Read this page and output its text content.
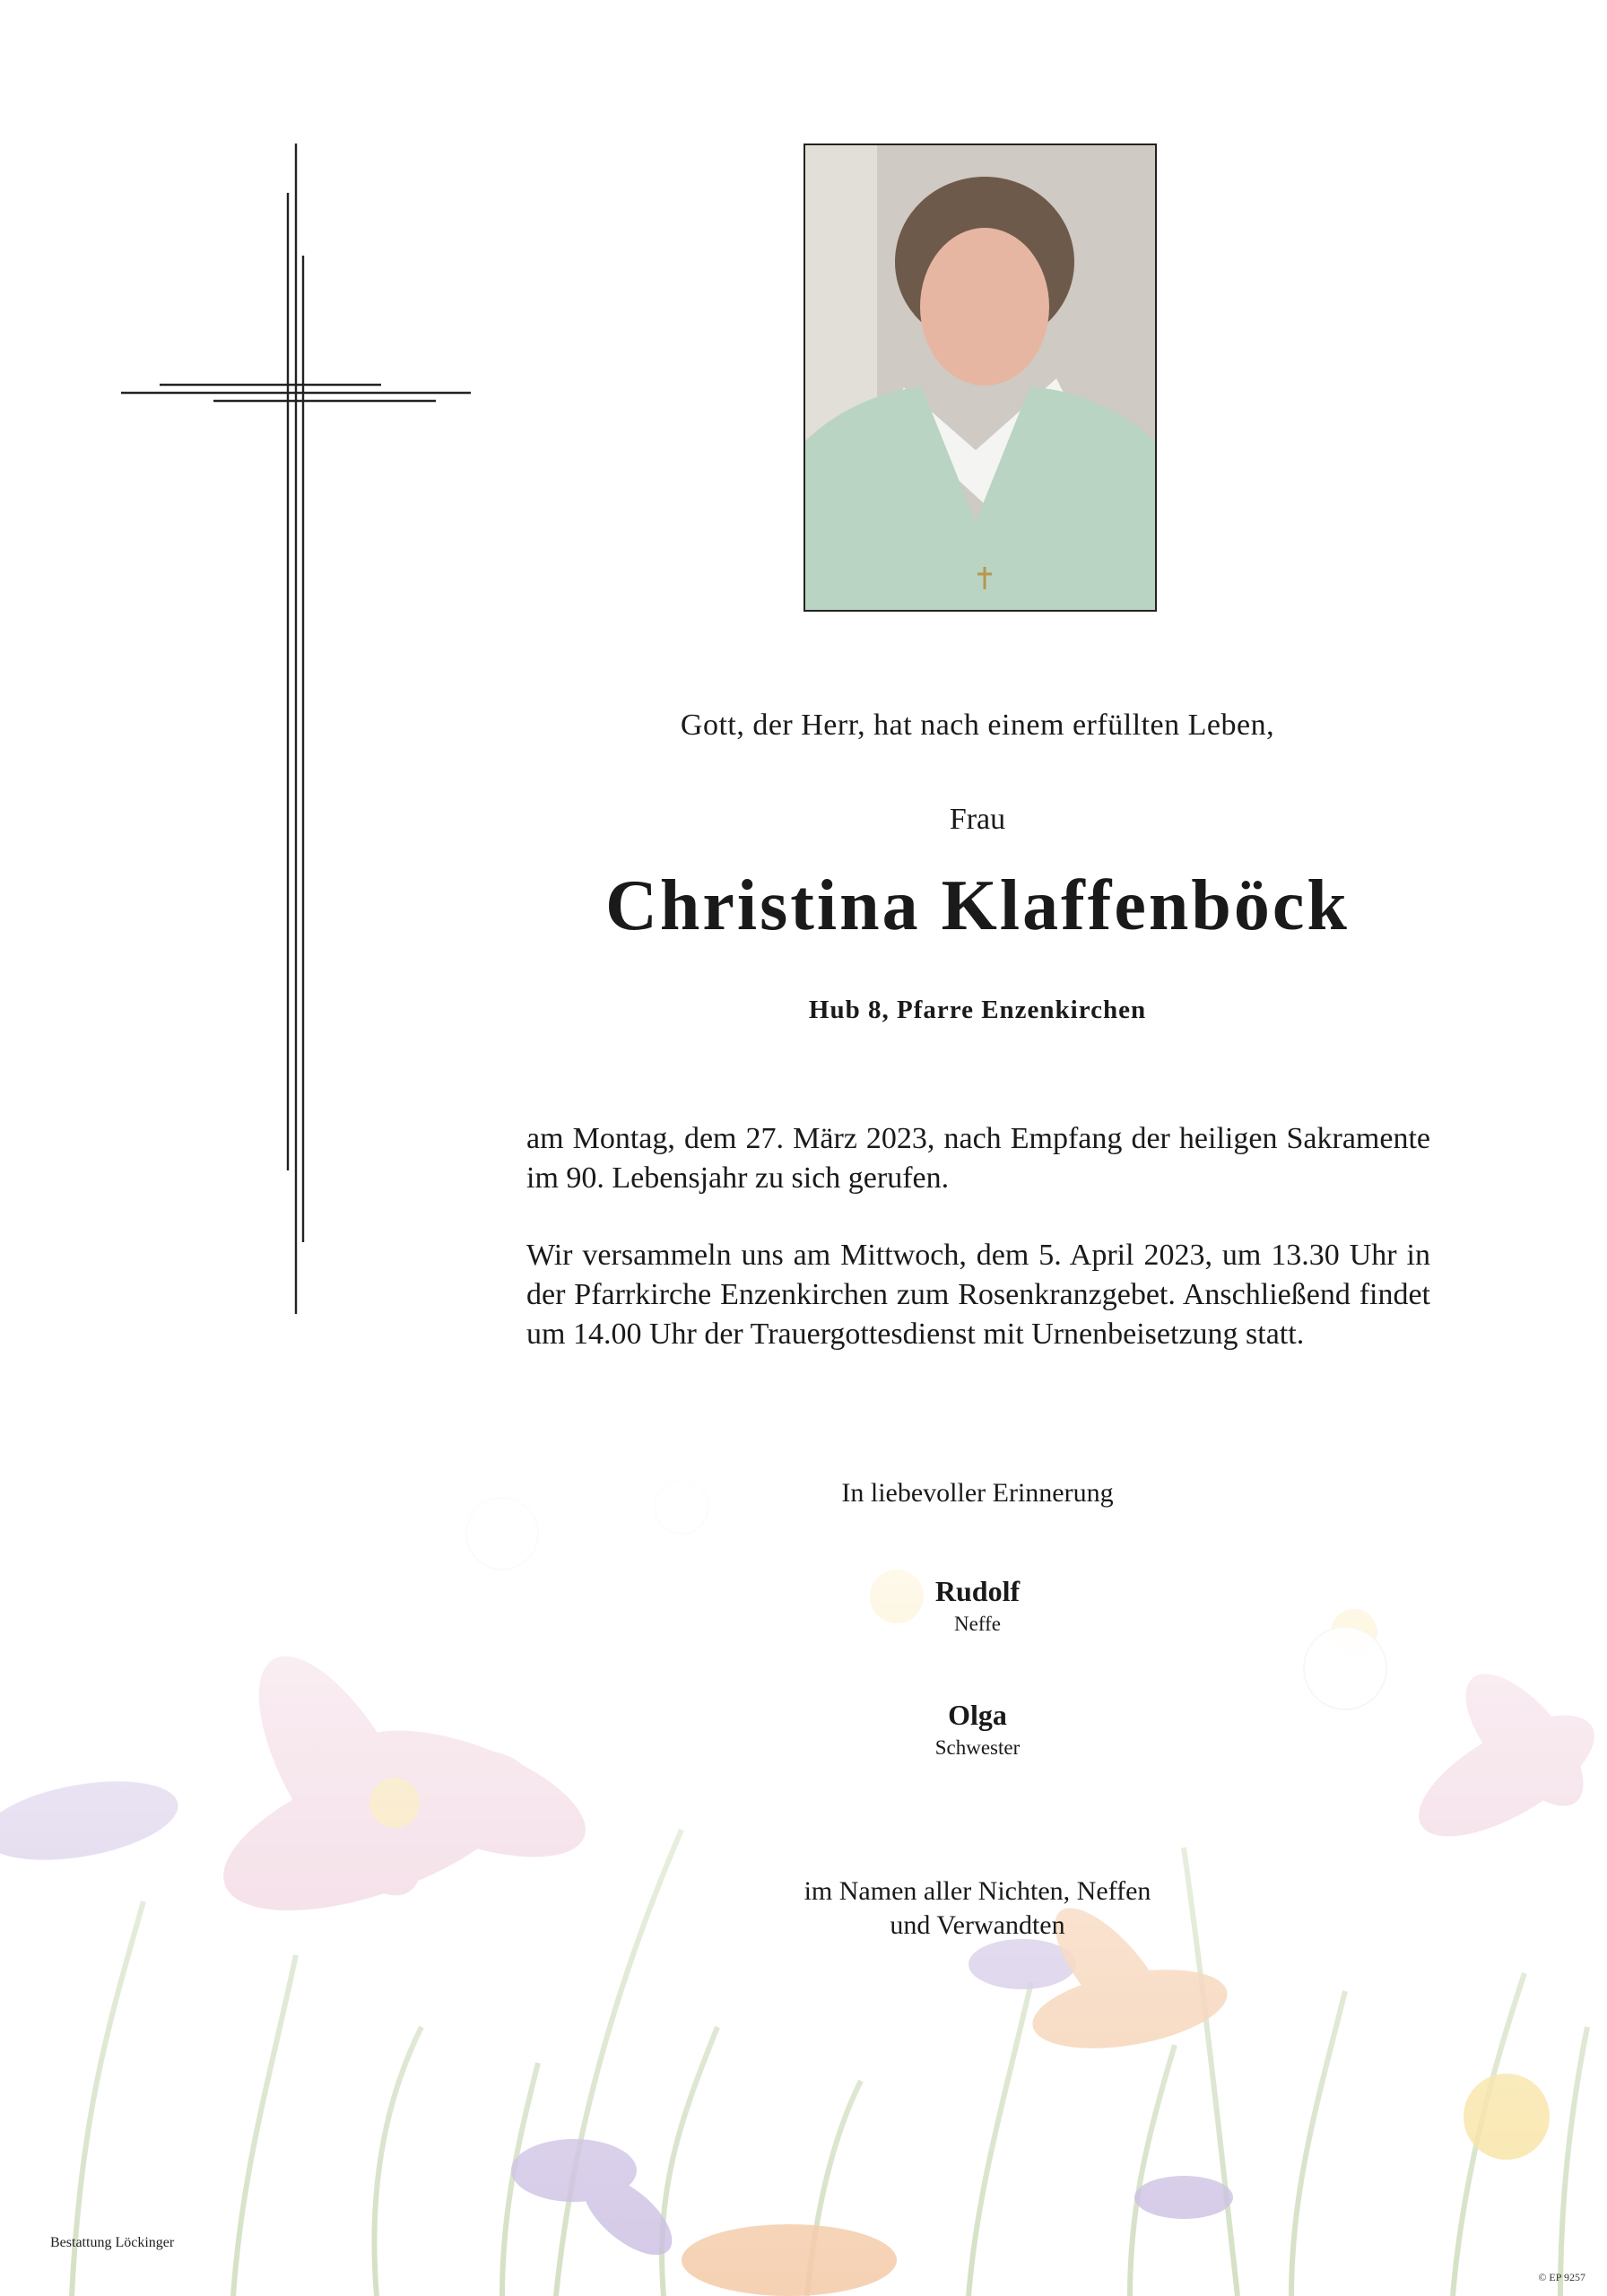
Gott, der Herr, hat nach einem erfüllten Leben,
Frau
Christina Klaffenböck
Hub 8, Pfarre Enzenkirchen
am Montag, dem 27. März 2023, nach Empfang der heiligen Sakramente im 90. Lebensjahr zu sich gerufen.
Wir versammeln uns am Mittwoch, dem 5. April 2023, um 13.30 Uhr in der Pfarrkirche Enzenkirchen zum Rosenkranzgebet. Anschließend findet um 14.00 Uhr der Trauergottesdienst mit Urnenbeisetzung statt.
In liebevoller Erinnerung
Rudolf
Neffe
Olga
Schwester
im Namen aller Nichten, Neffen
und Verwandten
Bestattung Löckinger
© EP 9257
